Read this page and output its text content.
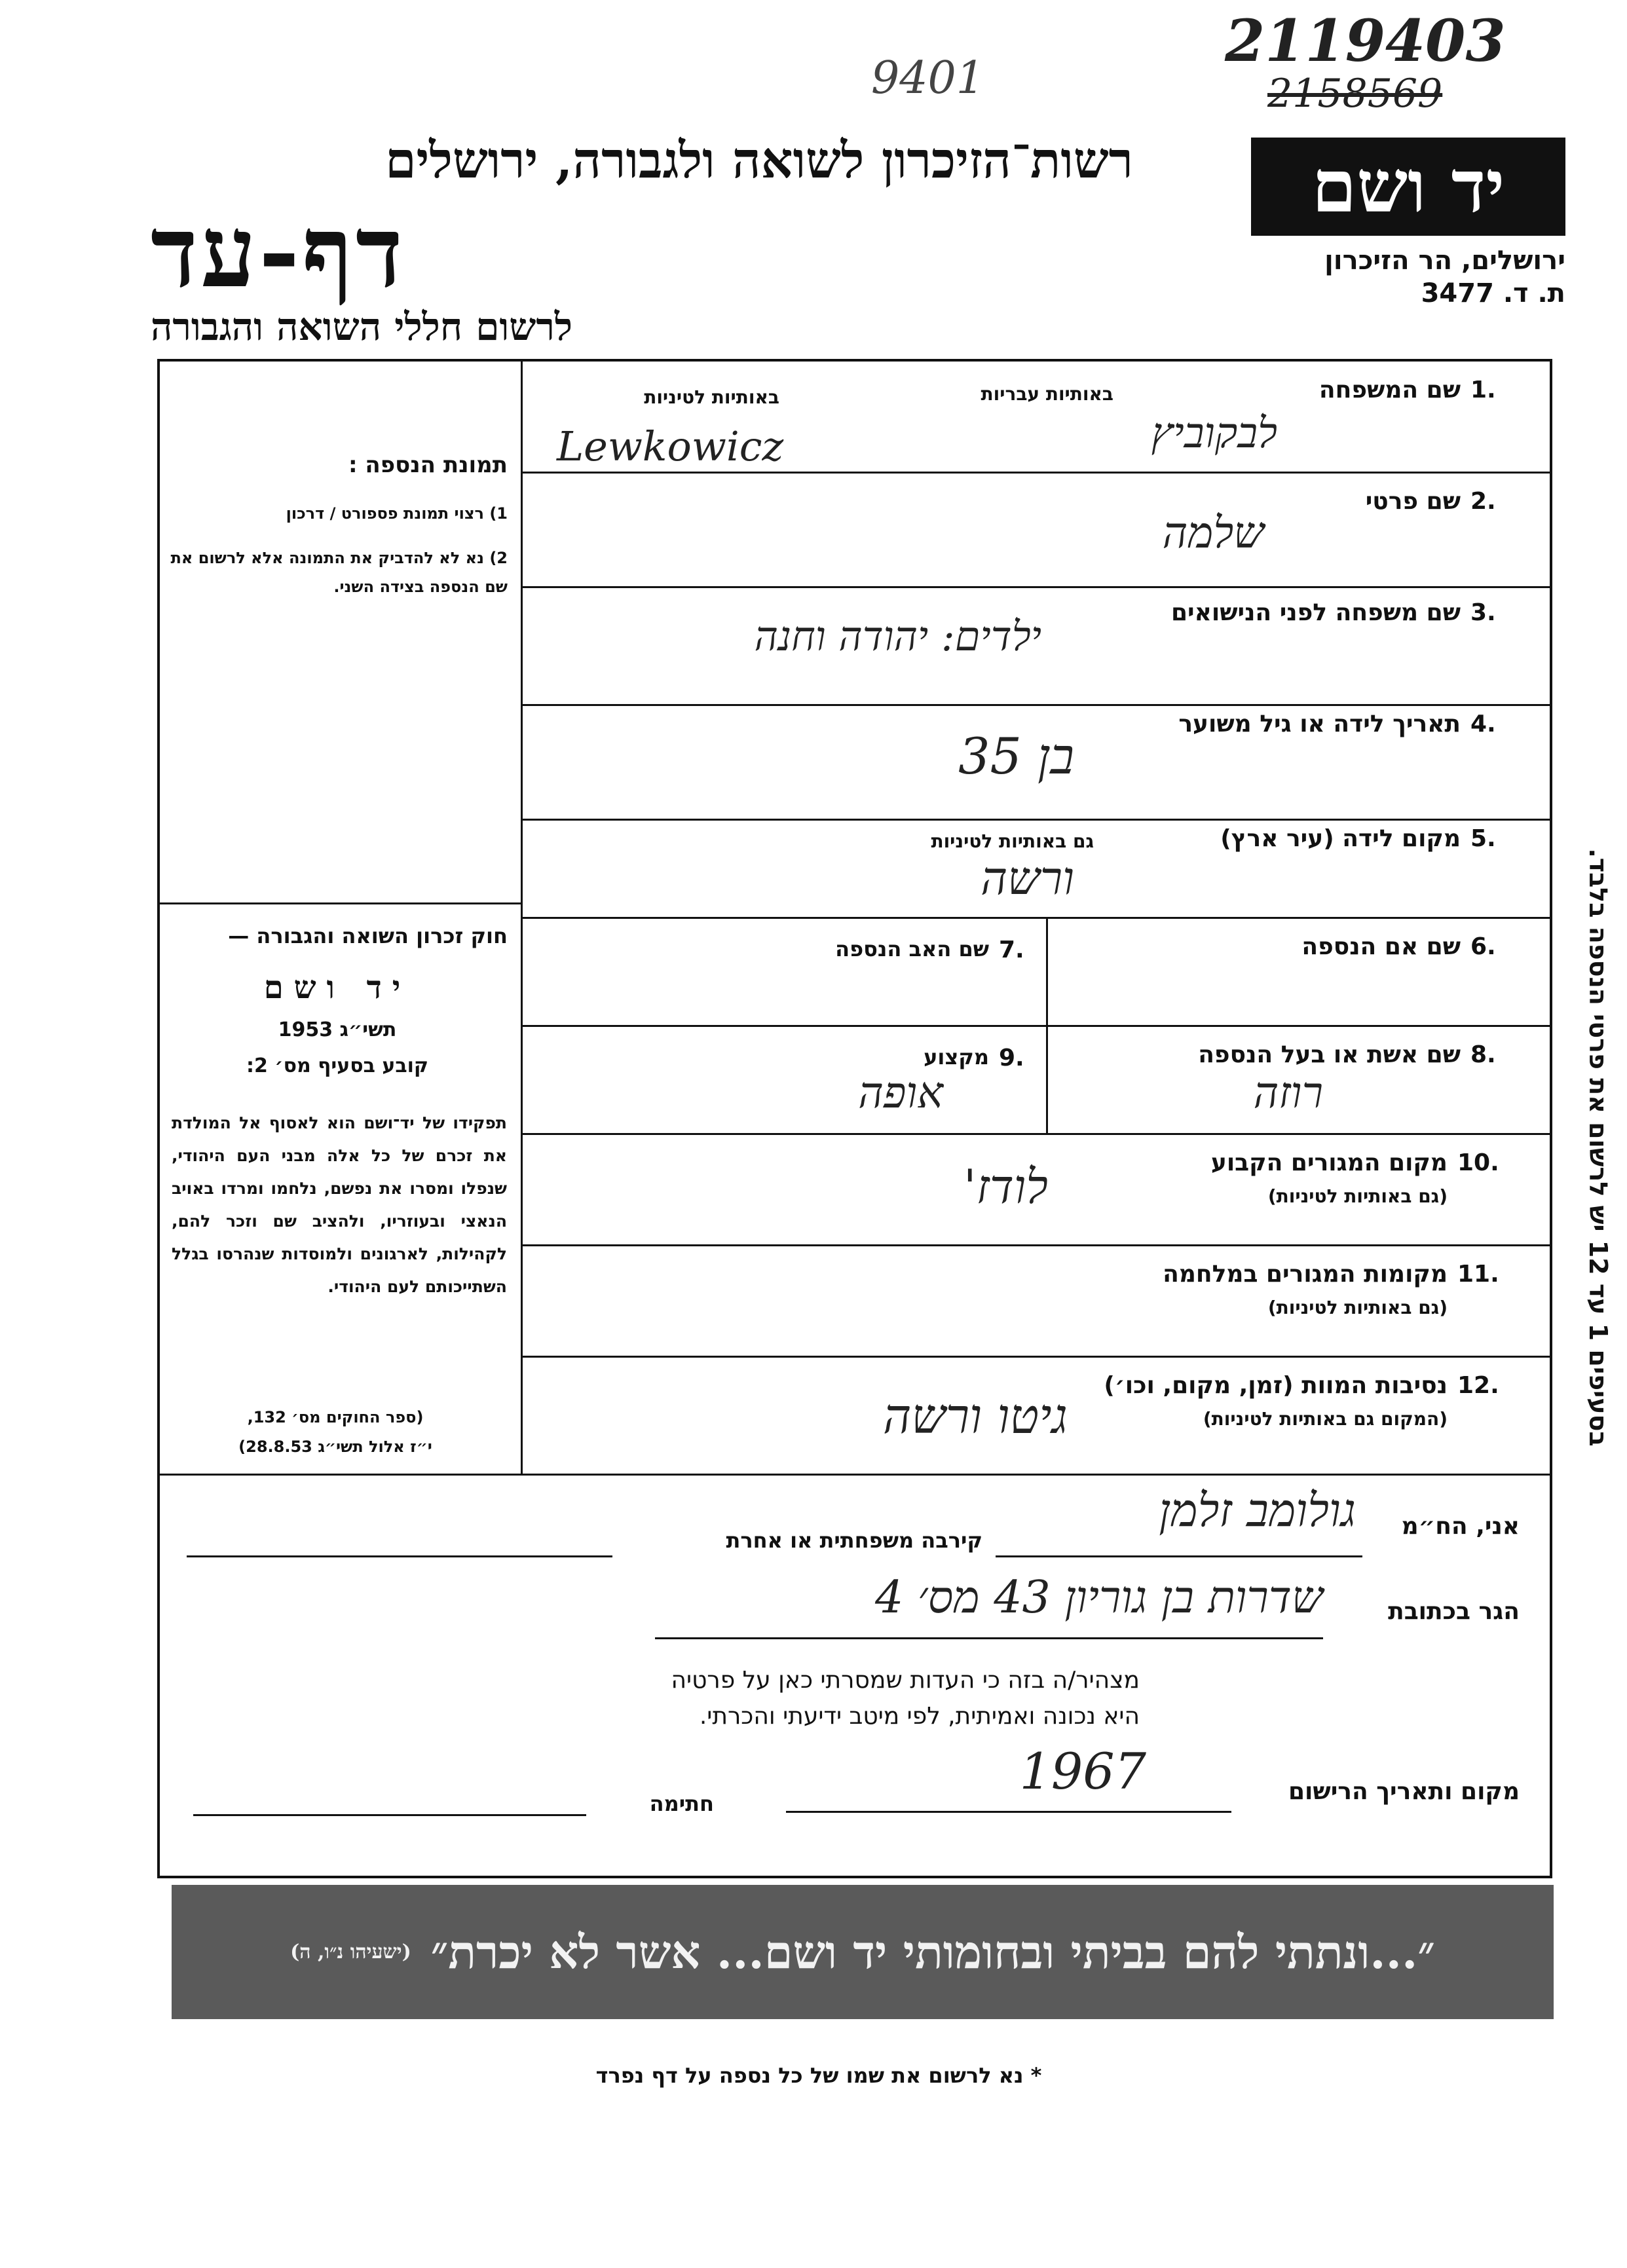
2119403
2158569
9401
רשות־הזיכרון לשואה ולגבורה, ירושלים
דף-עד
לרשום חללי השואה והגבורה
יד ושם
ירושלים, הר הזיכרון
ת. ד. 3477
תמונת הנספה :
1) רצוי תמונת פספורט / דרכון
2) נא לא להדביק את התמונה אלא לרשום את שם הנספה בצידה השני.
חוק זכרון השואה והגבורה —
יד ושם
תשי״ג 1953
קובע בסעיף מס׳ 2:
תפקידו של יד־ושם הוא לאסוף אל המולדת את זכרם של כל אלה מבני העם היהודי, שנפלו ומסרו את נפשם, נלחמו ומרדו באויב הנאצי ובעוזריו, ולהציב שם וזכר להם, לקהילות, לארגונים ולמוסדות שנהרסו בגלל השתייכותם לעם היהודי.
(ספר החוקים מס׳ 132,
י״ז אלול תשי״ג 28.8.53)
1.
שם המשפחה
באותיות עבריות
באותיות לטיניות
לבקוביץ
Lewkowicz
2.
שם פרטי
שלמה
3.
שם משפחה לפני הנישואים
ילדים: יהודה וחנה
4.
תאריך לידה או גיל משוער
בן 35
5.
מקום לידה (עיר ארץ)
גם באותיות לטיניות
ורשה
6.
שם אם הנספה
7.
שם האב הנספה
8.
שם אשת או בעל הנספה
רוזה
9.
מקצוע
אופה
10.
מקום המגורים הקבוע
(גם באותיות לטיניות)
לודז'
11.
מקומות המגורים במלחמה
(גם באותיות לטיניות)
12.
נסיבות המוות (זמן, מקום, וכו׳)
(המקום גם באותיות לטיניות)
גיטו ורשה
בסעיפים 1 עד 12 יש לרשום את פרטי הנספה בלבד.
אני, הח״מ
גולומב זלמן
קירבה משפחתית או אחרת
הגר בכתובת
שדרות בן גוריון 43 מס׳ 4
מצהיר/ה בזה כי העדות שמסרתי כאן על פרטיה
היא נכונה ואמיתית, לפי מיטב ידיעתי והכרתי.
מקום ותאריך הרישום
1967
חתימה
״...ונתתי להם בביתי ובחומותי יד ושם... אשר לא יכרת״
(ישעיהו נ״ו, ה)
* נא לרשום את שמו של כל נספה על דף נפרד
